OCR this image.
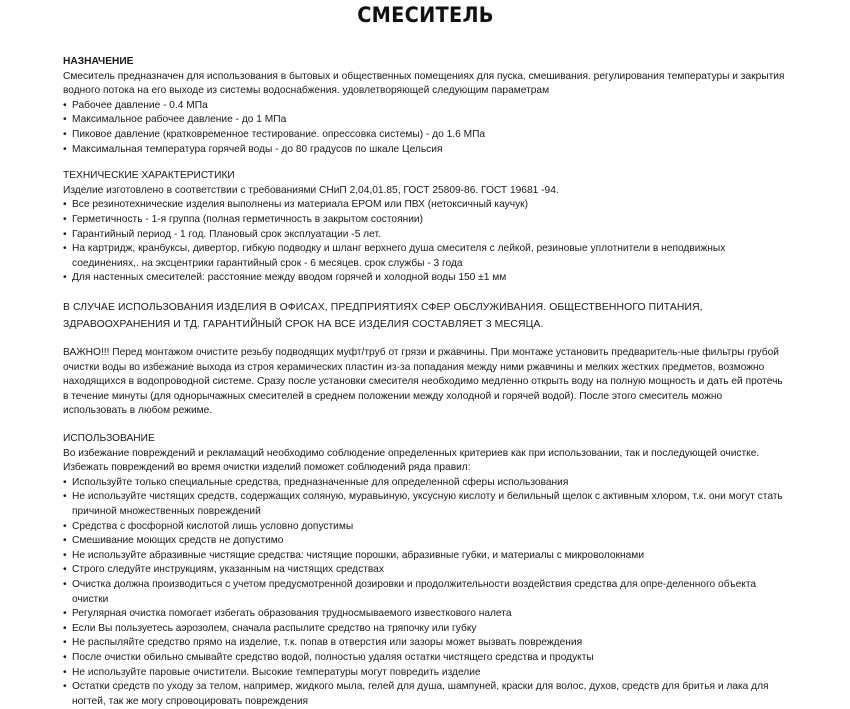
СМЕСИТЕЛЬ

НАЗНАЧЕНИЕ

Смеситель предназначен для использования в бытовых и общественных помещениях для пуска, смешивания. регулирования температуры и закрытия водного потока на его выходе из системы водоснабжения. удовлетворяющей следующим параметрам

• Рабочее давление - 0.4 МПа
• Максимальное рабочее давление - до 1 МПа
• Пиковое давление (кратковременное тестирование. опрессовка системы) - до 1.6 МПа
• Максимальная температура горячей воды - до 80 градусов по шкале Цельсия

ТЕХНИЧЕСКИЕ ХАРАКТЕРИСТИКИ

Изделие изготовлено в соответствии с требованиями СНиП 2,04,01.85, ГОСТ 25809-86. ГОСТ 19681 -94.

• Все резинотехнические изделия выполнены из материала EPOM или ПВХ (нетоксичный каучук)
• Герметичность - 1-я группа (полная герметичность в закрытом состоянии)
• Гарантийный период - 1 год. Плановый срок эксплуатации -5 лет.
• На картридж, кранбуксы, дивертор, гибкую подводку и шланг верхнего душа смесителя с лейкой, резиновые уплотнители в неподвижных соединениях,. на эксцентрики гарантийный срок - 6 месяцев. срок службы - 3 года
• Для настенных смесителей: расстояние между вводом горячей и холодной воды 150 ±1 мм

В СЛУЧАЕ ИСПОЛЬЗОВАНИЯ ИЗДЕЛИЯ В ОФИСАХ, ПРЕДПРИЯТИЯХ СФЕР ОБСЛУЖИВАНИЯ. ОБЩЕСТВЕННОГО ПИТАНИЯ, ЗДРАВООХРАНЕНИЯ И ТД. ГАРАНТИЙНЫЙ СРОК НА ВСЕ ИЗДЕЛИЯ СОСТАВЛЯЕТ 3 МЕСЯЦА.

ВАЖНО!!! Перед монтажом очистите резьбу подводящих муфт/труб от грязи и ржавчины. При монтаже установить предваритель-ные фильтры грубой очистки воды во избежание выхода из строя керамических пластин из-за попадания между ними ржавчины и мелких жестких предметов, возможно находящихся в водопроводной системе. Сразу после установки смесителя необходимо медленно открыть воду на полную мощность и дать ей протечь в течение минуты (для однорычажных смесителей в среднем положении между холодной и горячей водой). После этого смеситель можно использовать в любом режиме.

ИСПОЛЬЗОВАНИЕ

Во избежание повреждений и рекламаций необходимо соблюдение определенных критериев как при использовании, так и последующей очистке. Избежать повреждений во время очистки изделий поможет соблюдений ряда правил:

• Используйте только специальные средства, предназначенные для определенной сферы использования
• Не используйте чистящих средств, содержащих соляную, муравьиную, уксусную кислоту и белильный щелок с активным хлором, т.к. они могут стать причиной множественных повреждений
• Средства с фосфорной кислотой лишь условно допустимы
• Смешивание моющих средств не допустимо
• Не используйте абразивные чистящие средства: чистящие порошки, абразивные губки, и материалы с микроволокнами
• Строго следуйте инструкциям, указанным на чистящих средствах
• Очистка должна производиться с учетом предусмотренной дозировки и продолжительности воздействия средства для опре-деленного объекта очистки
• Регулярная очистка помогает избегать образования трудносмываемого известкового налета
• Если Вы пользуетесь аэрозолем, сначала распылите средство на тряпочку или губку
• Не распыляйте средство прямо на изделие, т.к. попав в отверстия или зазоры может вызвать повреждения
• После очистки обильно смывайте средство водой, полностью удаляя остатки чистящего средства и продукты
• Не используйте паровые очистители. Высокие температуры могут повредить изделие
• Остатки средств по уходу за телом, например, жидкого мыла, гелей для душа, шампуней, краски для волос, духов, средств для бритья и лака для ногтей, так же могу спровоцировать повреждения
